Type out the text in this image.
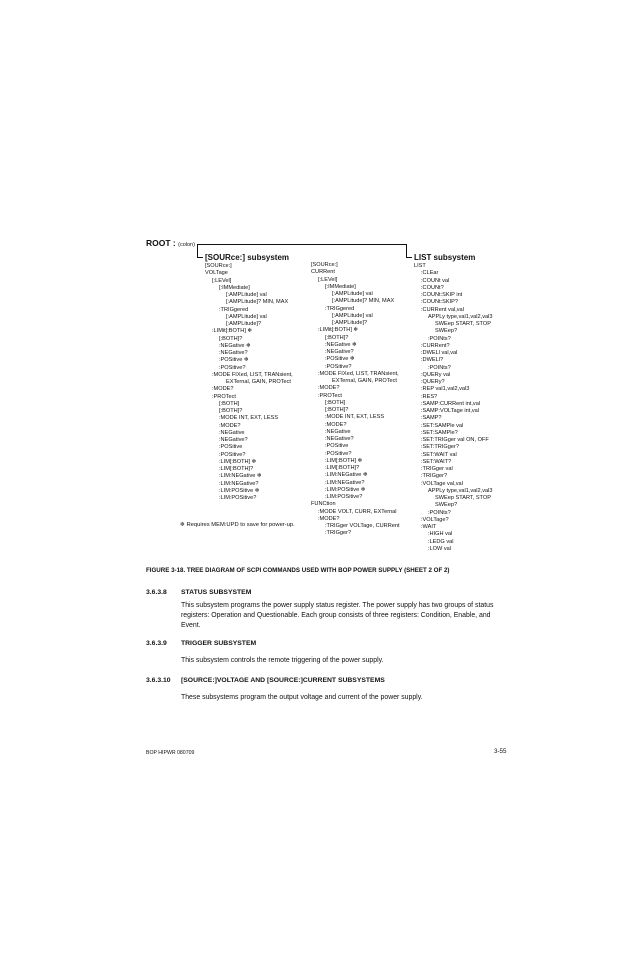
ROOT : (colon)
[SOURce:] subsystem	LIST subsystem
[SOURce:]
VOLTage
[:LEVel]
[:IMMediate]
[:AMPLitude] val
[:AMPLitude]? MIN, MAX
:TRIGgered
[:AMPLitude] val
[:AMPLitude]?
:LIMit[:BOTH] ❄
[:BOTH]?
:NEGative ❄
:NEGative?
:POSitive ❄
:POSitive?
:MODE FIXed, LIST, TRANsient,
EXTernal, GAIN, PROTect
:MODE?
:PROTect
[:BOTH]
[:BOTH]?
:MODE INT, EXT, LESS
:MODE?
:NEGative
:NEGative?
:POSitive
:POSitive?
:LIM[:BOTH] ❄
:LIM[:BOTH]?
:LIM:NEGative ❄
:LIM:NEGative?
:LIM:POSitive ❄
:LIM:POSitive?
[SOURce:]
CURRent
[:LEVel]
[:IMMediate]
[:AMPLitude] val
[:AMPLitude]? MIN, MAX
:TRIGgered
[:AMPLitude] val
[:AMPLitude]?
:LIMit[:BOTH] ❄
[:BOTH]?
:NEGative ❄
:NEGative?
:POSitive ❄
:POSitive?
:MODE FIXed, LIST, TRANsient,
EXTernal, GAIN, PROTect
:MODE?
:PROTect
[:BOTH]
[:BOTH]?
:MODE INT, EXT, LESS
:MODE?
:NEGative
:NEGative?
:POSitive
:POSitive?
:LIM[:BOTH] ❄
:LIM[:BOTH]?
:LIM:NEGative ❄
:LIM:NEGative?
:LIM:POSitive ❄
:LIM:POSitive?
FUNCtion
:MODE VOLT, CURR, EXTernal
:MODE?
:TRIGger VOLTage, CURRent
:TRIGger?
LIST
:CLEar
:COUNt val
:COUNt?
:COUNt:SKIP int
:COUNt:SKIP?
:CURRent val,val
APPLy type,val1,val2,val3
SWEep START, STOP
SWEep?
:POINts?
:CURRent?
:DWELl val,val
:DWELl?
:POINts?
:QUERy val
:QUERy?
:REP val1,val2,val3
:RES?
:SAMP:CURRent int,val
:SAMP:VOLTage int,val
:SAMP?
:SET:SAMPle val
:SET:SAMPle?
:SET:TRIGger val ON, OFF
:SET:TRIGger?
:SET:WAIT val
:SET:WAIT?
:TRIGger val
:TRIGger?
:VOLTage val,val
APPLy type,val1,val2,val3
SWEep START, STOP
SWEep?
:POINts?
:VOLTage?
:WAIT
:HIGH val
:LEDG val
:LOW val
❄ Requires MEM:UPD to save for power-up.
FIGURE 3-18. TREE DIAGRAM OF SCPI COMMANDS USED WITH BOP POWER SUPPLY (SHEET 2 OF 2)
3.6.3.8 STATUS SUBSYSTEM
This subsystem programs the power supply status register. The power supply has two groups of status registers: Operation and Questionable. Each group consists of three registers: Condition, Enable, and Event.
3.6.3.9 TRIGGER SUBSYSTEM
This subsystem controls the remote triggering of the power supply.
3.6.3.10 [SOURCE:]VOLTAGE AND [SOURCE:]CURRENT SUBSYSTEMS
These subsystems program the output voltage and current of the power supply.
BOP HIPWR 080709	3-55
